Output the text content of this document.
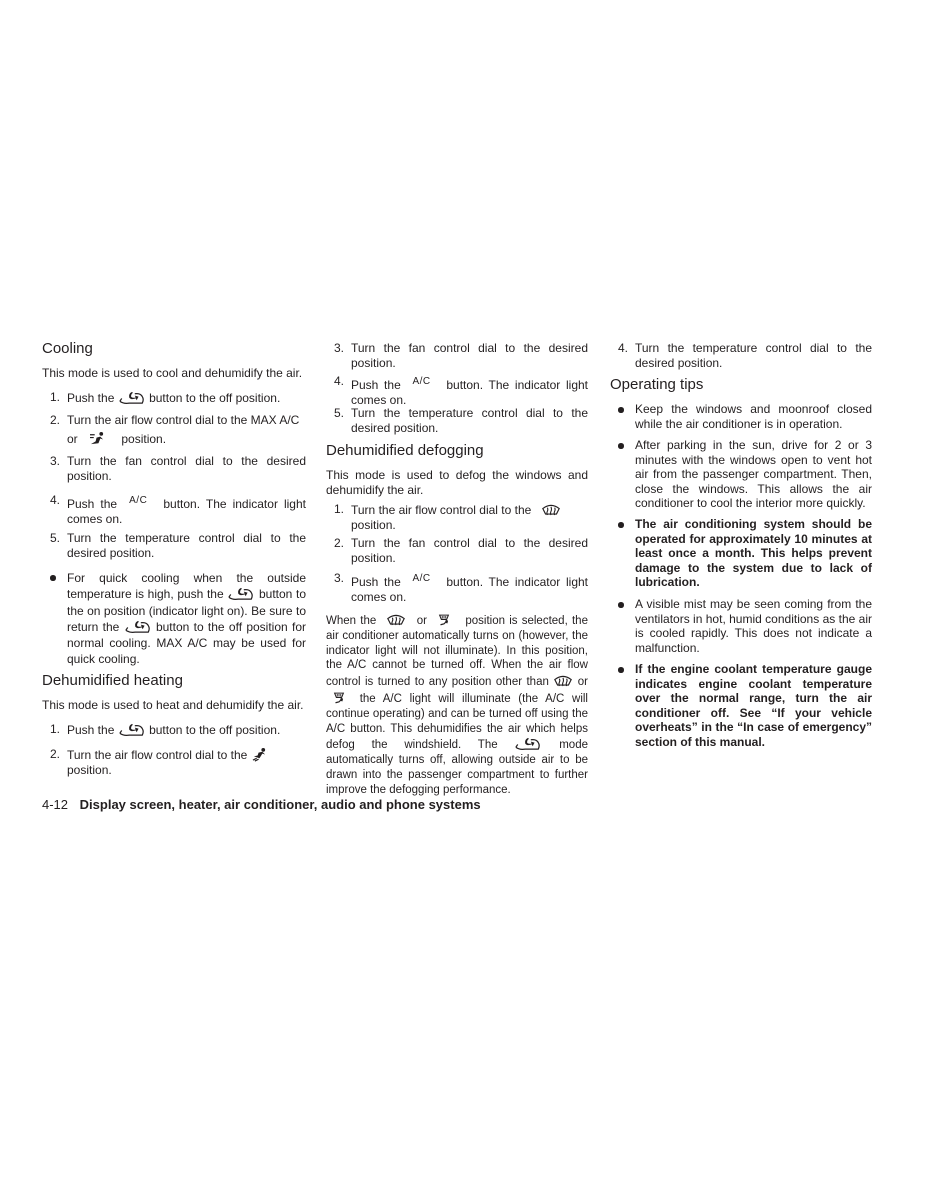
Cooling
This mode is used to cool and dehumidify the air.
1. Push the	button to the off position.
2. Turn the air flow control dial to the MAX A/C
or	position.
3. Turn the fan control dial to the desired position.
4. Push the A/C button. The indicator light comes on.
5. Turn the temperature control dial to the desired position.
For quick cooling when the outside temperature is high, push the	button to the on position (indicator light on). Be sure to return the	button to the off position for normal cooling. MAX A/C may be used for quick cooling.
Dehumidified heating
This mode is used to heat and dehumidify the air.
1. Push the	button to the off position.
2. Turn the air flow control dial to the
position.
3. Turn the fan control dial to the desired position.
4. Push the A/C button. The indicator light comes on.
5. Turn the temperature control dial to the desired position.
Dehumidified defogging
This mode is used to defog the windows and dehumidify the air.
1. Turn the air flow control dial to the
position.
2. Turn the fan control dial to the desired position.
3. Push the A/C button. The indicator light comes on.
When the	or	position is selected, the air conditioner automatically turns on (however, the indicator light will not illuminate). In this position, the A/C cannot be turned off. When the air flow control is turned to any position other than	or
the A/C light will illuminate (the A/C will continue operating) and can be turned off using the A/C button. This dehumidifies the air which helps defog the windshield. The	mode automatically turns off, allowing outside air to be drawn into the passenger compartment to further improve the defogging performance.
4. Turn the temperature control dial to the desired position.
Operating tips
Keep the windows and moonroof closed while the air conditioner is in operation.
After parking in the sun, drive for 2 or 3 minutes with the windows open to vent hot air from the passenger compartment. Then, close the windows. This allows the air conditioner to cool the interior more quickly.
The air conditioning system should be operated for approximately 10 minutes at least once a month. This helps prevent damage to the system due to lack of lubrication.
A visible mist may be seen coming from the ventilators in hot, humid conditions as the air is cooled rapidly. This does not indicate a malfunction.
If the engine coolant temperature gauge indicates engine coolant temperature over the normal range, turn the air conditioner off. See “If your vehicle overheats” in the “In case of emergency” section of this manual.
4-12 Display screen, heater, air conditioner, audio and phone systems
